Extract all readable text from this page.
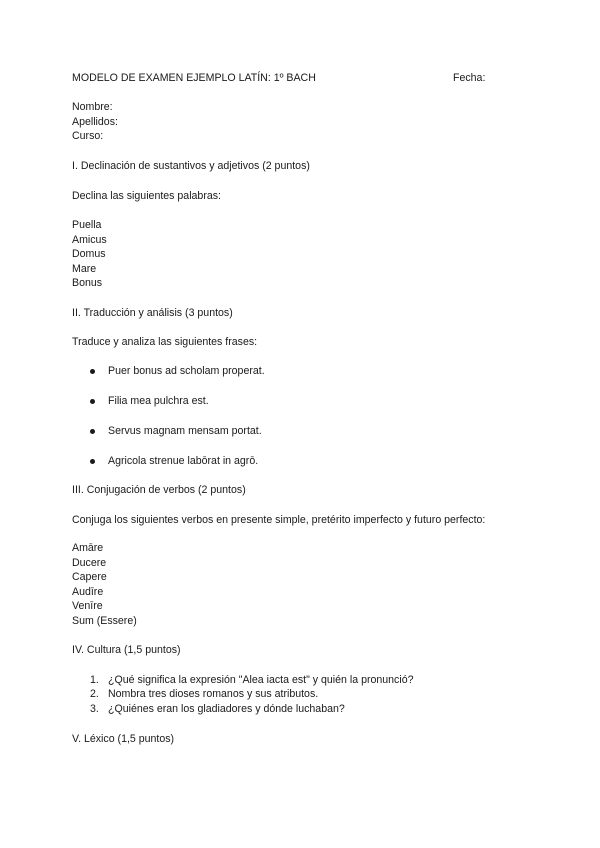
MODELO DE EXAMEN EJEMPLO LATÍN: 1º BACH	Fecha:
Nombre:
Apellidos:
Curso:
I. Declinación de sustantivos y adjetivos (2 puntos)
Declina las siguientes palabras:
Puella
Amicus
Domus
Mare
Bonus
II. Traducción y análisis (3 puntos)
Traduce y analiza las siguientes frases:
Puer bonus ad scholam properat.
Filia mea pulchra est.
Servus magnam mensam portat.
Agricola strenue labōrat in agrō.
III. Conjugación de verbos (2 puntos)
Conjuga los siguientes verbos en presente simple, pretérito imperfecto y futuro perfecto:
Amāre
Ducere
Capere
Audīre
Venīre
Sum (Essere)
IV. Cultura (1,5 puntos)
1. ¿Qué significa la expresión "Alea iacta est" y quién la pronunció?
2. Nombra tres dioses romanos y sus atributos.
3. ¿Quiénes eran los gladiadores y dónde luchaban?
V. Léxico (1,5 puntos)
